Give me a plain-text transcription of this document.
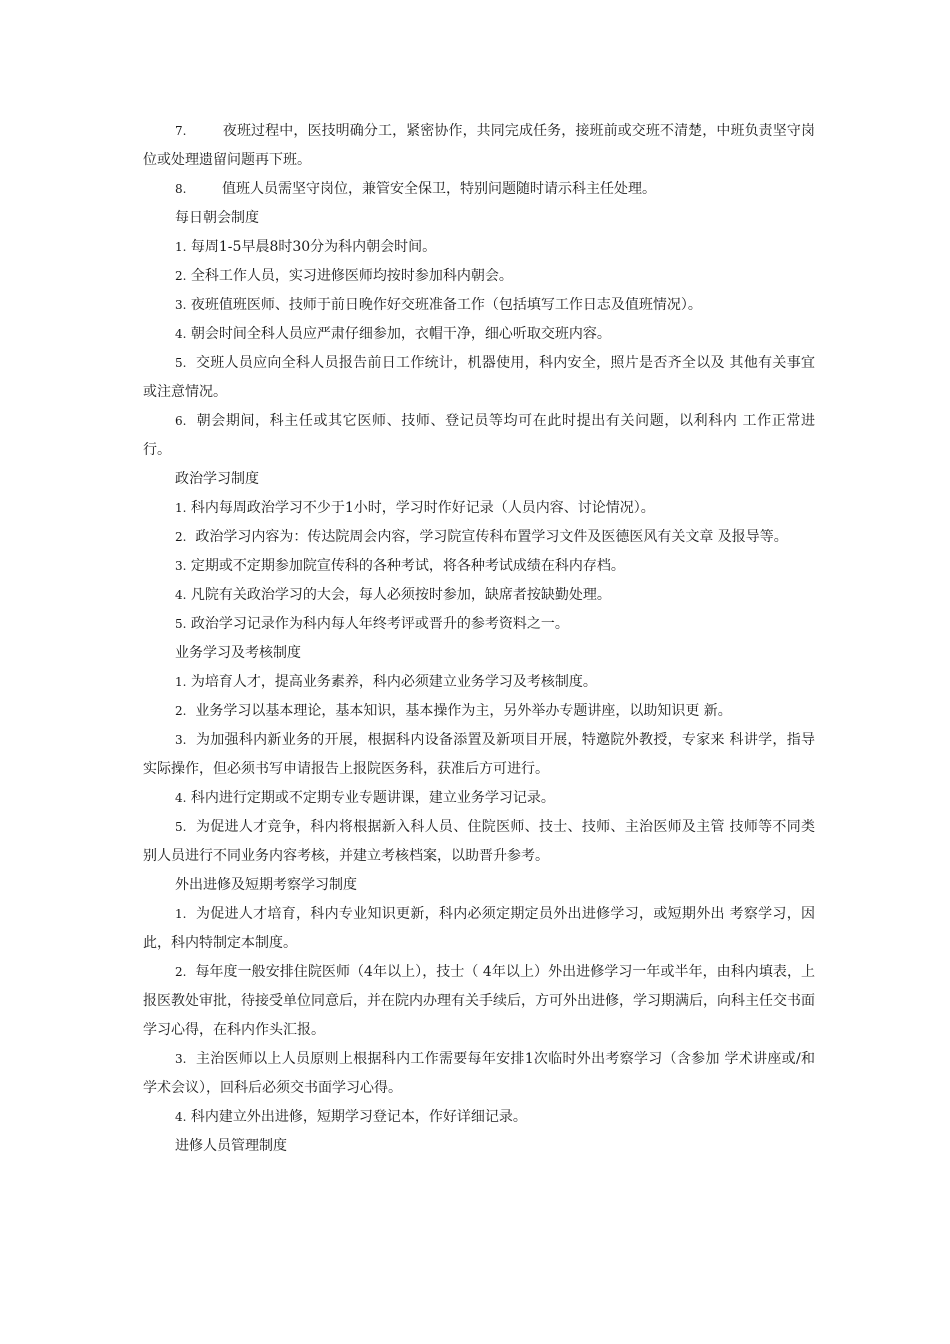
7.        夜班过程中，医技明确分工，紧密协作，共同完成任务，接班前或交班不清楚，中班负责坚守岗位或处理遗留问题再下班。

8.        值班人员需坚守岗位，兼管安全保卫，特别问题随时请示科主任处理。

每日朝会制度

1. 每周1-5早晨8时30分为科内朝会时间。

2. 全科工作人员，实习进修医师均按时参加科内朝会。

3. 夜班值班医师、技师于前日晚作好交班准备工作（包括填写工作日志及值班情况）。

4. 朝会时间全科人员应严肃仔细参加，衣帽干净，细心听取交班内容。

5.  交班人员应向全科人员报告前日工作统计，机器使用，科内安全，照片是否齐全以及 其他有关事宜或注意情况。

6.  朝会期间，科主任或其它医师、技师、登记员等均可在此时提出有关问题，以利科内 工作正常进行。

政治学习制度

1. 科内每周政治学习不少于1小时，学习时作好记录（人员内容、讨论情况）。

2.  政治学习内容为：传达院周会内容，学习院宣传科布置学习文件及医德医风有关文章 及报导等。

3. 定期或不定期参加院宣传科的各种考试，将各种考试成绩在科内存档。

4. 凡院有关政治学习的大会，每人必须按时参加，缺席者按缺勤处理。

5. 政治学习记录作为科内每人年终考评或晋升的参考资料之一。

业务学习及考核制度

1. 为培育人才，提高业务素养，科内必须建立业务学习及考核制度。

2.  业务学习以基本理论，基本知识，基本操作为主，另外举办专题讲座，以助知识更 新。

3.  为加强科内新业务的开展，根据科内设备添置及新项目开展，特邀院外教授，专家来 科讲学，指导实际操作，但必须书写申请报告上报院医务科，获准后方可进行。

4. 科内进行定期或不定期专业专题讲课，建立业务学习记录。

5.  为促进人才竞争，科内将根据新入科人员、住院医师、技士、技师、主治医师及主管 技师等不同类别人员进行不同业务内容考核，并建立考核档案，以助晋升参考。

外出进修及短期考察学习制度

1.  为促进人才培育，科内专业知识更新，科内必须定期定员外出进修学习，或短期外出 考察学习，因此，科内特制定本制度。

2.  每年度一般安排住院医师（4年以上），技士（ 4年以上）外出进修学习一年或半年，由科内填表，上报医教处审批，待接受单位同意后，并在院内办理有关手续后，方可外出进修，学习期满后，向科主任交书面学习心得，在科内作头汇报。

3.  主治医师以上人员原则上根据科内工作需要每年安排1次临时外出考察学习（含参加 学术讲座或/和学术会议），回科后必须交书面学习心得。

4. 科内建立外出进修，短期学习登记本，作好详细记录。

进修人员管理制度
